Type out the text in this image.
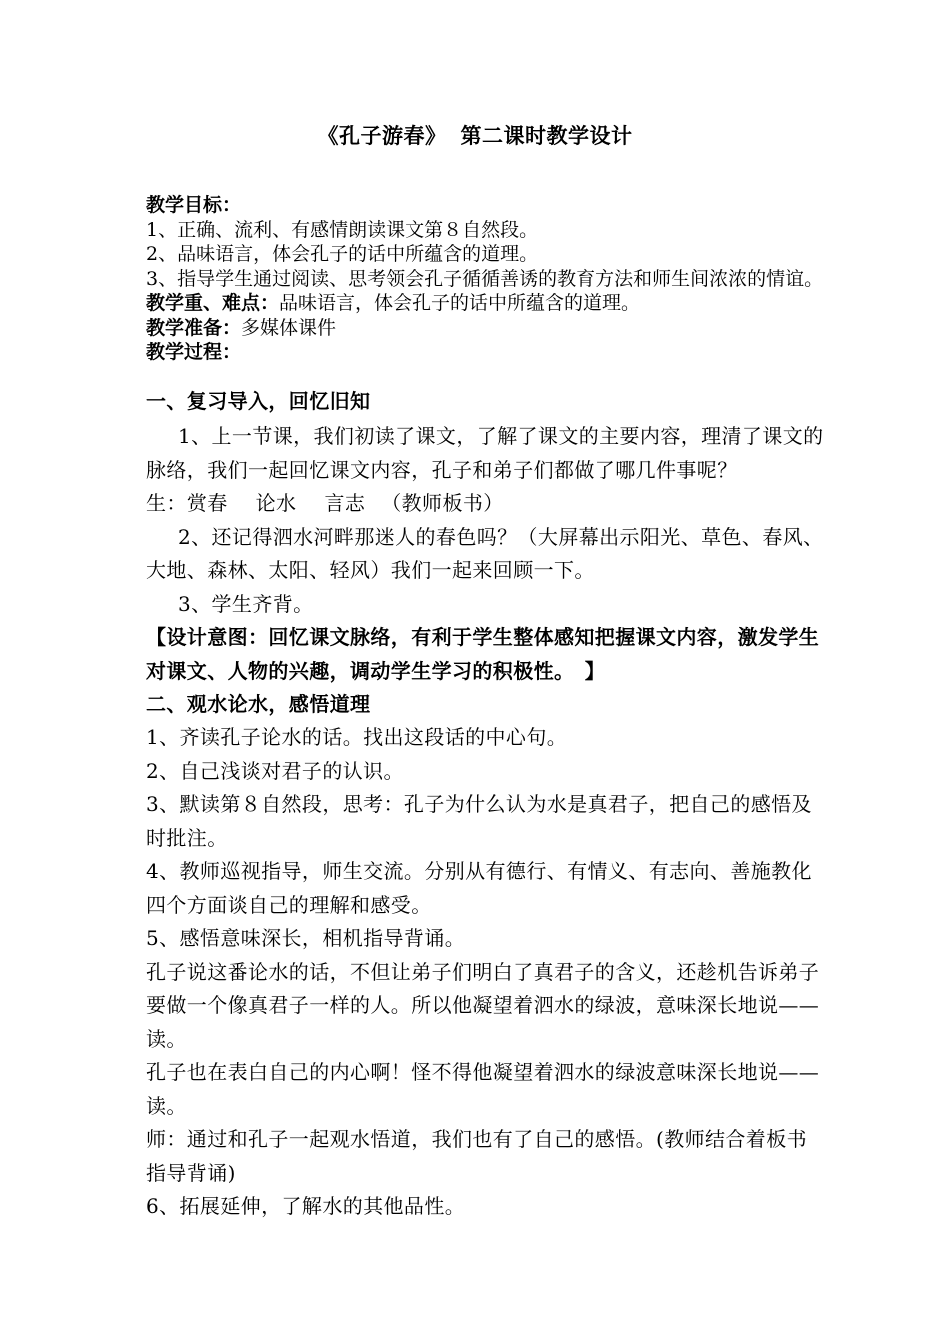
《孔子游春》 第二课时教学设计

教学目标：

1、正确、流利、有感情朗读课文第８自然段。

2、品味语言，体会孔子的话中所蕴含的道理。

3、指导学生通过阅读、思考领会孔子循循善诱的教育方法和师生间浓浓的情谊。

教学重、难点：品味语言，体会孔子的话中所蕴含的道理。

教学准备：多媒体课件

教学过程：

一、复习导入，回忆旧知

1、上一节课，我们初读了课文，了解了课文的主要内容，理清了课文的脉络，我们一起回忆课文内容，孔子和弟子们都做了哪几件事呢？

生：赏春 论水 言志 （教师板书）

2、还记得泗水河畔那迷人的春色吗？（大屏幕出示阳光、草色、春风、大地、森林、太阳、轻风）我们一起来回顾一下。

3、学生齐背。

【设计意图：回忆课文脉络，有利于学生整体感知把握课文内容，激发学生对课文、人物的兴趣，调动学生学习的积极性。　】

二、观水论水，感悟道理

1、齐读孔子论水的话。找出这段话的中心句。

2、自己浅谈对君子的认识。

3、默读第８自然段，思考：孔子为什么认为水是真君子，把自己的感悟及时批注。

4、教师巡视指导，师生交流。分别从有德行、有情义、有志向、善施教化四个方面谈自己的理解和感受。

5、感悟意味深长，相机指导背诵。

孔子说这番论水的话，不但让弟子们明白了真君子的含义，还趁机告诉弟子要做一个像真君子一样的人。所以他凝望着泗水的绿波，意味深长地说——读。

孔子也在表白自己的内心啊！怪不得他凝望着泗水的绿波意味深长地说——读。

师：通过和孔子一起观水悟道，我们也有了自己的感悟。(教师结合着板书指导背诵)

6、拓展延伸，了解水的其他品性。
